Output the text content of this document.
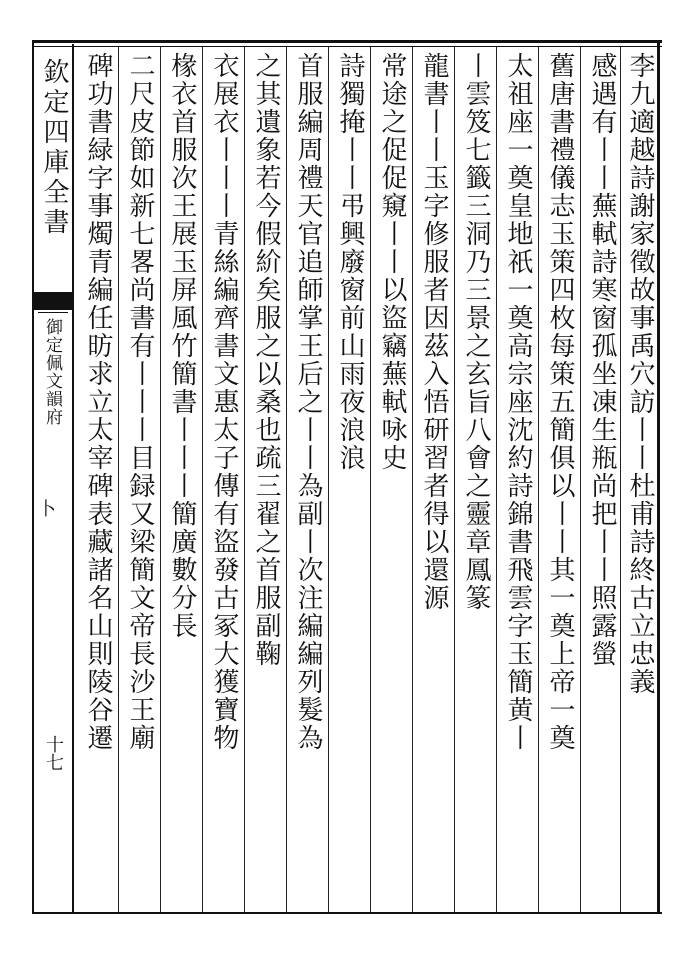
欽定四庫全書
御定佩文韻府
卜
十七
李九適越詩謝家徵故事禹穴訪丨丨杜甫詩終古立忠義
感遇有丨丨蕪軾詩寒窗孤坐凍生瓶尚把丨丨照露螢
舊唐書禮儀志玉策四枚每策五簡俱以丨丨其一奠上帝一奠
太祖座一奠皇地祇一奠高宗座沈約詩錦書飛雲字玉簡黄丨
丨雲笈七籤三洞乃三景之玄旨八會之靈章鳳篆
龍書丨丨玉字修服者因茲入悟研習者得以還源
常途之促促窺丨丨以盜竊蕪軾咏史
詩獨掩丨丨弔興廢窗前山雨夜浪浪
首服編周禮天官追師掌王后之丨丨為副丨次注編編列髮為
之其遺象若今假紒矣服之以桑也疏三翟之首服副鞠
衣展衣丨丨丨青絲編齊書文惠太子傳有盜發古冢大獲寶物
椽衣首服次王展玉屏風竹簡書丨丨丨簡廣數分長
二尺皮節如新七畧尚書有丨丨丨目録又梁簡文帝長沙王廟
碑功書緑字事燭青編任昉求立太宰碑表藏諸名山則陵谷遷
